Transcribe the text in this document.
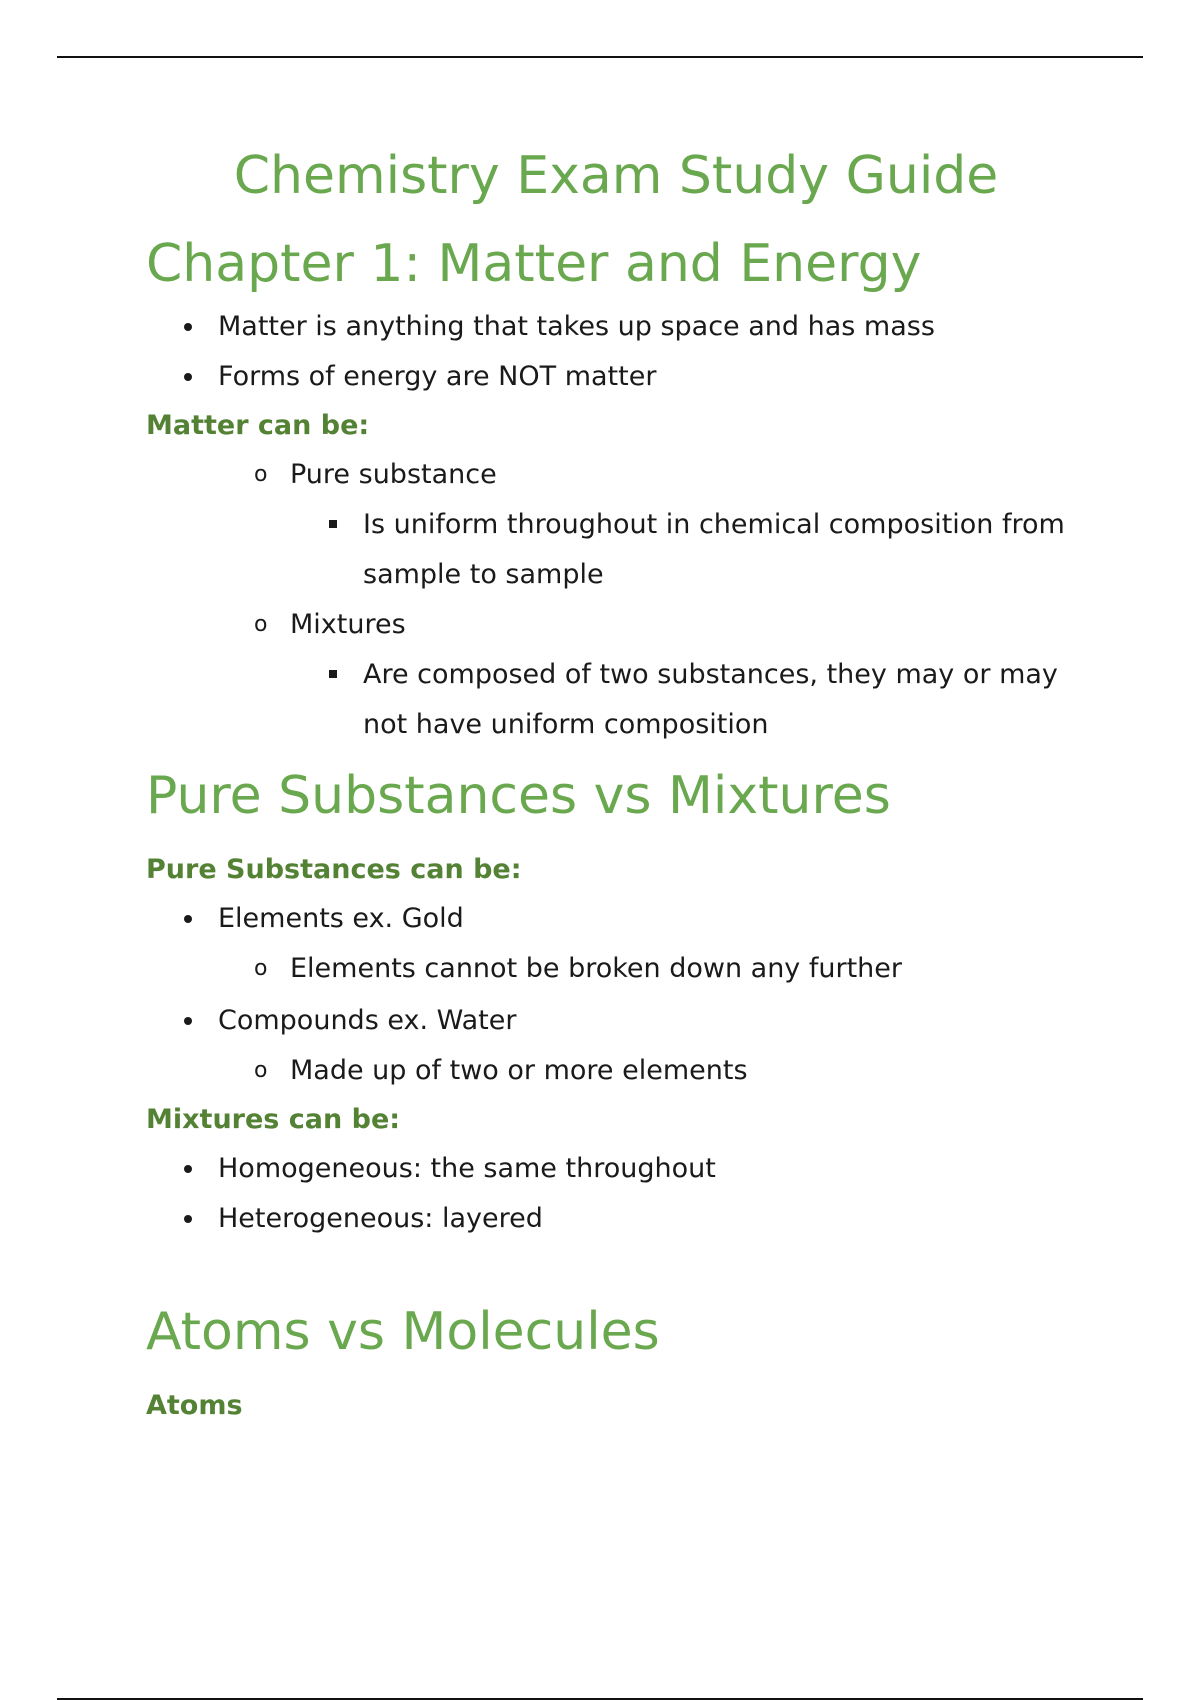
Chemistry Exam Study Guide
Chapter 1: Matter and Energy
Matter is anything that takes up space and has mass
Forms of energy are NOT matter

Matter can be:

o Pure substance
Is uniform throughout in chemical composition from sample to sample
o Mixtures
Are composed of two substances, they may or may not have uniform composition
Pure Substances vs Mixtures

Pure Substances can be:

Elements ex. Gold
o Elements cannot be broken down any further
Compounds ex. Water
o Made up of two or more elements

Mixtures can be:

Homogeneous: the same throughout
Heterogeneous: layered
Atoms vs Molecules

Atoms
